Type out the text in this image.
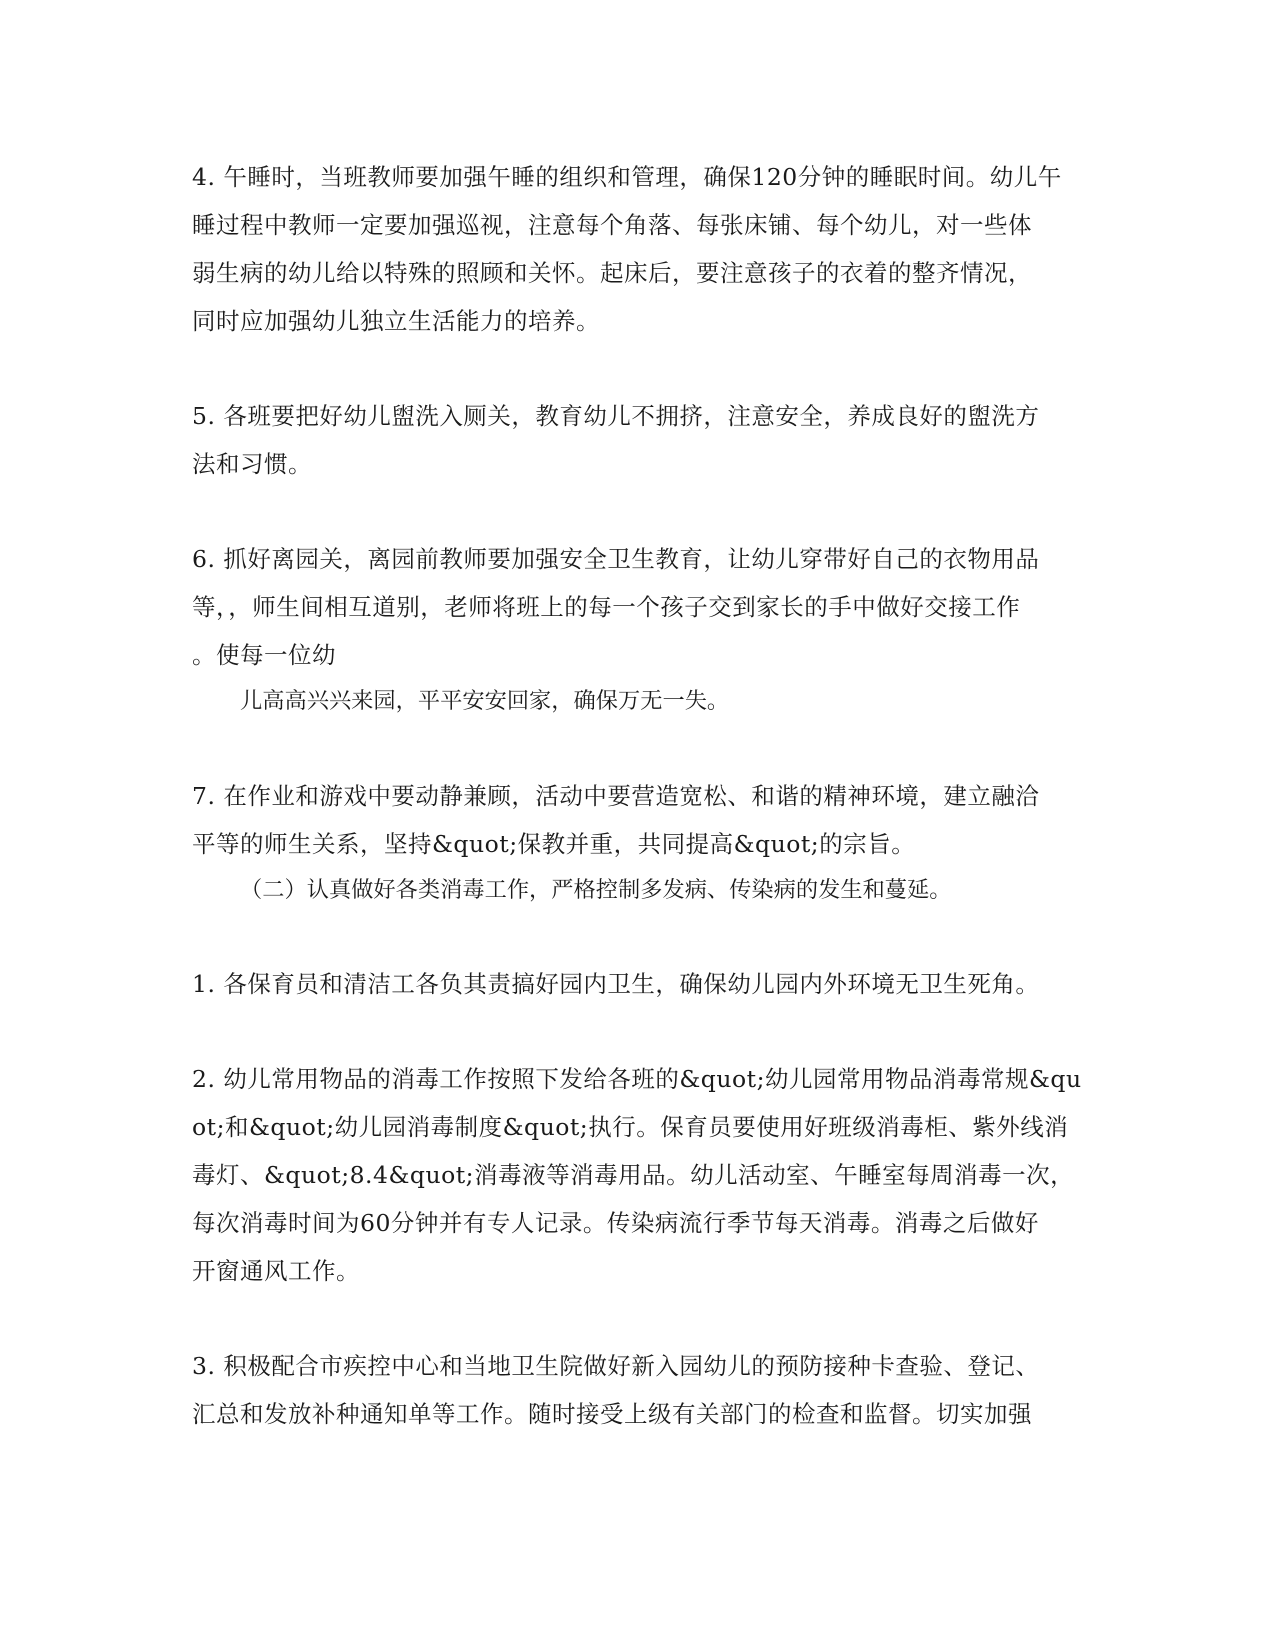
4. 午睡时，当班教师要加强午睡的组织和管理，确保120分钟的睡眠时间。幼儿午
睡过程中教师一定要加强巡视，注意每个角落、每张床铺、每个幼儿，对一些体
弱生病的幼儿给以特殊的照顾和关怀。起床后，要注意孩子的衣着的整齐情况，
同时应加强幼儿独立生活能力的培养。
5. 各班要把好幼儿盥洗入厕关，教育幼儿不拥挤，注意安全，养成良好的盥洗方
法和习惯。
6. 抓好离园关，离园前教师要加强安全卫生教育，让幼儿穿带好自己的衣物用品
等，，师生间相互道别，老师将班上的每一个孩子交到家长的手中做好交接工作
。使每一位幼
儿高高兴兴来园，平平安安回家，确保万无一失。
7. 在作业和游戏中要动静兼顾，活动中要营造宽松、和谐的精神环境，建立融洽
平等的师生关系，坚持&quot;保教并重，共同提高&quot;的宗旨。
（二）认真做好各类消毒工作，严格控制多发病、传染病的发生和蔓延。
1. 各保育员和清洁工各负其责搞好园内卫生，确保幼儿园内外环境无卫生死角。
2. 幼儿常用物品的消毒工作按照下发给各班的&quot;幼儿园常用物品消毒常规&qu
ot;和&quot;幼儿园消毒制度&quot;执行。保育员要使用好班级消毒柜、紫外线消
毒灯、&quot;8.4&quot;消毒液等消毒用品。幼儿活动室、午睡室每周消毒一次，
每次消毒时间为60分钟并有专人记录。传染病流行季节每天消毒。消毒之后做好
开窗通风工作。
3. 积极配合市疾控中心和当地卫生院做好新入园幼儿的预防接种卡查验、登记、
汇总和发放补种通知单等工作。随时接受上级有关部门的检查和监督。切实加强
